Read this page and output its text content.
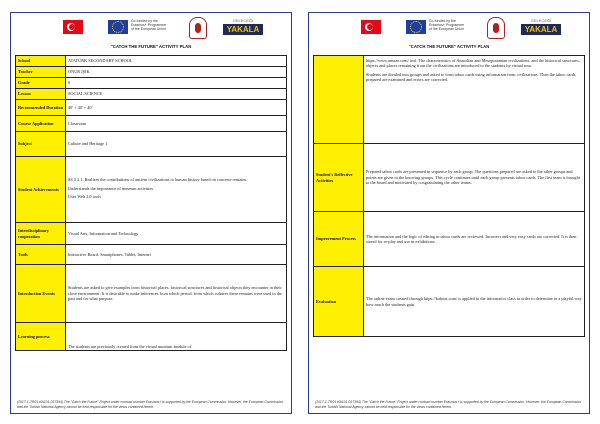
Co-funded by the Erasmus+ Programme of the European Union
GELECEĞİ
YAKALA
"CATCH THE FUTURE" ACTIVITY PLAN
School	ATATÜRK SECONDARY SCHOOL
Teacher	ONUR IŞIK
Grade	6
Lesson	SOCIAL SCIENCE
Recommended Duration	40' + 40' + 40'
Course Application	Classroom
Subject	Culture and Heritage 1
Student Achievements	SS.5.2.1. Realizes the contributions of ancient civilizations to human history based on concrete remains.

Understands the importance of museum activities

Uses Web 2.0 tools

Interdisciplinary cooperation	Visual Arts, Information and Technology
Tools	Interactive Board, Smartphones, Tablet, Internet
Introduction Events	Students are asked to give examples from historical places, historical structures and historical objects they encounter in their close environment. It is desirable to make inferences from which period, from which cultures these remains were used in the past and for what purpose.
Learning process	The students are previously created from the virtual museum module of
(2017-1-TR01-KA101-037394) The "Catch the Future" Project under contract number Erasmus+ is supported by the European Commission. However, the European Commission and the Turkish National Agency cannot be held responsible for the views contained herein.
Co-funded by the Erasmus+ Programme of the European Union
GELECEĞİ
YAKALA
"CATCH THE FUTURE" ACTIVITY PLAN

	https://www.amaze.com/ tool. The characteristics of Anatolian and Mesopotamian civilizations, and the historical structures, objects and places remaining from the civilizations are introduced to the students by virtual tour.

Students are divided into groups and asked to form taboo cards using information from civilizations. Then the taboo cards prepared are examined and errors are corrected.

Student's Reflective Activities	Prepared taboo cards are presented in sequence by each group. The questions prepared are asked to the other groups and points are given to the knowing groups. This cycle continues until each group presents taboo cards. The first team is brought to the board and motivated by congratulating the other teams.
Improvement Process	The information and the logic of editing in taboo cards are reviewed. Incorrect and very easy cards are corrected. It is then stored for re-play and use in exhibitions.
Evaluation	The online exam created through https://kahoot.com/ is applied to the informatics class in order to determine in a playful way how much the students gain.
(2017-1-TR01-KA101-037394) The "Catch the Future" Project under contract number Erasmus+ is supported by the European Commission. However, the European Commission and the Turkish National Agency cannot be held responsible for the views contained herein.
